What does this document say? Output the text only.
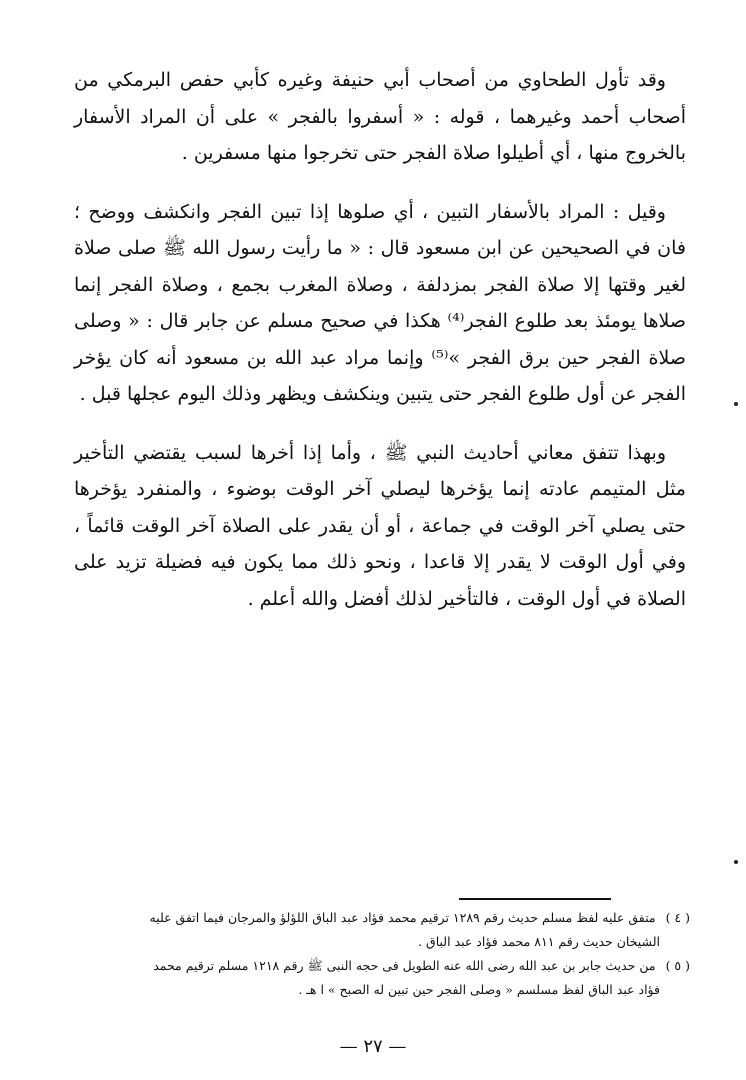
وقد تأول الطحاوي من أصحاب أبي حنيفة وغيره كأبي حفص البرمكي من أصحاب أحمد وغيرهما ، قوله : « أسفروا بالفجر » على أن المراد الأسفار بالخروج منها ، أي أطيلوا صلاة الفجر حتى تخرجوا منها مسفرين .

وقيل : المراد بالأسفار التبين ، أي صلوها إذا تبين الفجر وانكشف ووضح ؛ فان في الصحيحين عن ابن مسعود قال : « ما رأيت رسول الله ﷺ صلى صلاة لغير وقتها إلا صلاة الفجر بمزدلفة ، وصلاة المغرب بجمع ، وصلاة الفجر إنما صلاها يومئذ بعد طلوع الفجر⁽⁴⁾ هكذا في صحيح مسلم عن جابر قال : « وصلى صلاة الفجر حين برق الفجر »⁽⁵⁾ وإنما مراد عبد الله بن مسعود أنه كان يؤخر الفجر عن أول طلوع الفجر حتى يتبين وينكشف ويظهر وذلك اليوم عجلها قبل .

وبهذا تتفق معاني أحاديث النبي ﷺ ، وأما إذا أخرها لسبب يقتضي التأخير مثل المتيمم عادته إنما يؤخرها ليصلي آخر الوقت بوضوء ، والمنفرد يؤخرها حتى يصلي آخر الوقت في جماعة ، أو أن يقدر على الصلاة آخر الوقت قائماً ، وفي أول الوقت لا يقدر إلا قاعدا ، ونحو ذلك مما يكون فيه فضيلة تزيد على الصلاة في أول الوقت ، فالتأخير لذلك أفضل والله أعلم .

( ٤ ) متفق عليه لفظ مسلم حديث رقم ١٢٨٩ ترقيم محمد فؤاد عبد الباق اللؤلؤ والمرجان فيما اتفق عليه
الشيخان حديث رقم ٨١١ محمد فؤاد عبد الباق .
( ٥ ) من حديث جابر بن عبد الله رضى الله عنه الطويل فى حجه النبى ﷺ رقم ١٢١٨ مسلم ترقيم محمد
فؤاد عبد الباق لفظ مسلسم « وصلى الفجر حين تبين له الصبح » ا هـ .
— ٢٧ —
